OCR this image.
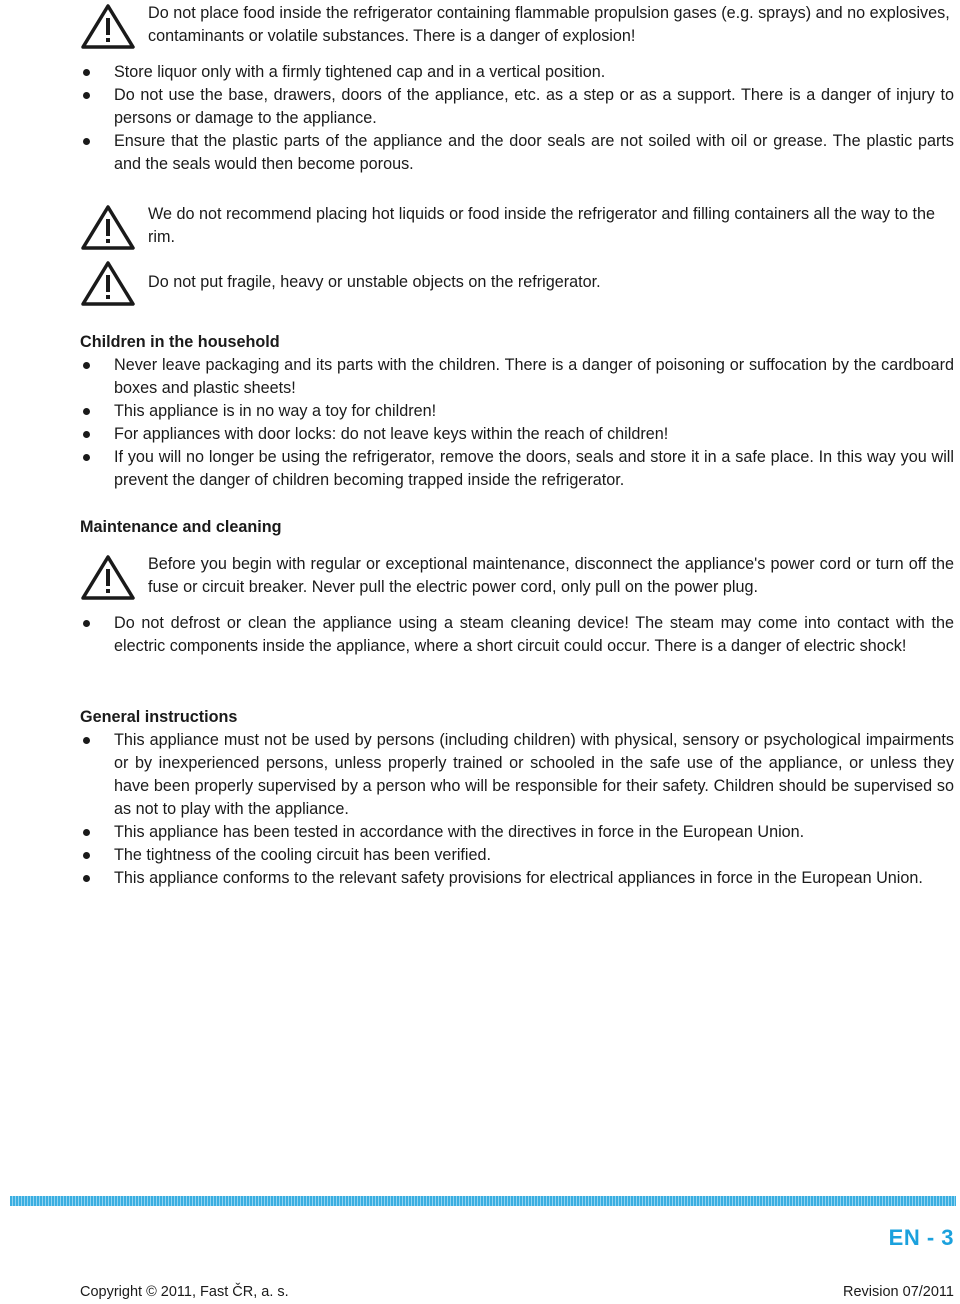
Do not place food inside the refrigerator containing flammable propulsion gases (e.g. sprays) and no explosives, contaminants or volatile substances. There is a danger of explosion!

Store liquor only with a firmly tightened cap and in a vertical position.
Do not use the base, drawers, doors of the appliance, etc. as a step or as a support. There is a danger of injury to persons or damage to the appliance.
Ensure that the plastic parts of the appliance and the door seals are not soiled with oil or grease. The plastic parts and the seals would then become porous.

We do not recommend placing hot liquids or food inside the refrigerator and filling containers all the way to the rim.

Do not put fragile, heavy or unstable objects on the refrigerator.

Children in the household
Never leave packaging and its parts with the children. There is a danger of poisoning or suffocation by the cardboard boxes and plastic sheets!
This appliance is in no way a toy for children!
For appliances with door locks: do not leave keys within the reach of children!
If you will no longer be using the refrigerator, remove the doors, seals and store it in a safe place. In this way you will prevent the danger of children becoming trapped inside the refrigerator.
Maintenance and cleaning

Before you begin with regular or exceptional maintenance, disconnect the appliance's power cord or turn off the fuse or circuit breaker. Never pull the electric power cord, only pull on the power plug.

Do not defrost or clean the appliance using a steam cleaning device! The steam may come into contact with the electric components inside the appliance, where a short circuit could occur. There is a danger of electric shock!
General instructions
This appliance must not be used by persons (including children) with physical, sensory or psychological impairments or by inexperienced persons, unless properly trained or schooled in the safe use of the appliance, or unless they have been properly supervised by a person who will be responsible for their safety. Children should be supervised so as not to play with the appliance.
This appliance has been tested in accordance with the directives in force in the European Union.
The tightness of the cooling circuit has been verified.
This appliance conforms to the relevant safety provisions for electrical appliances in force in the European Union.
EN - 3
Copyright © 2011, Fast ČR, a. s.	Revision 07/2011
